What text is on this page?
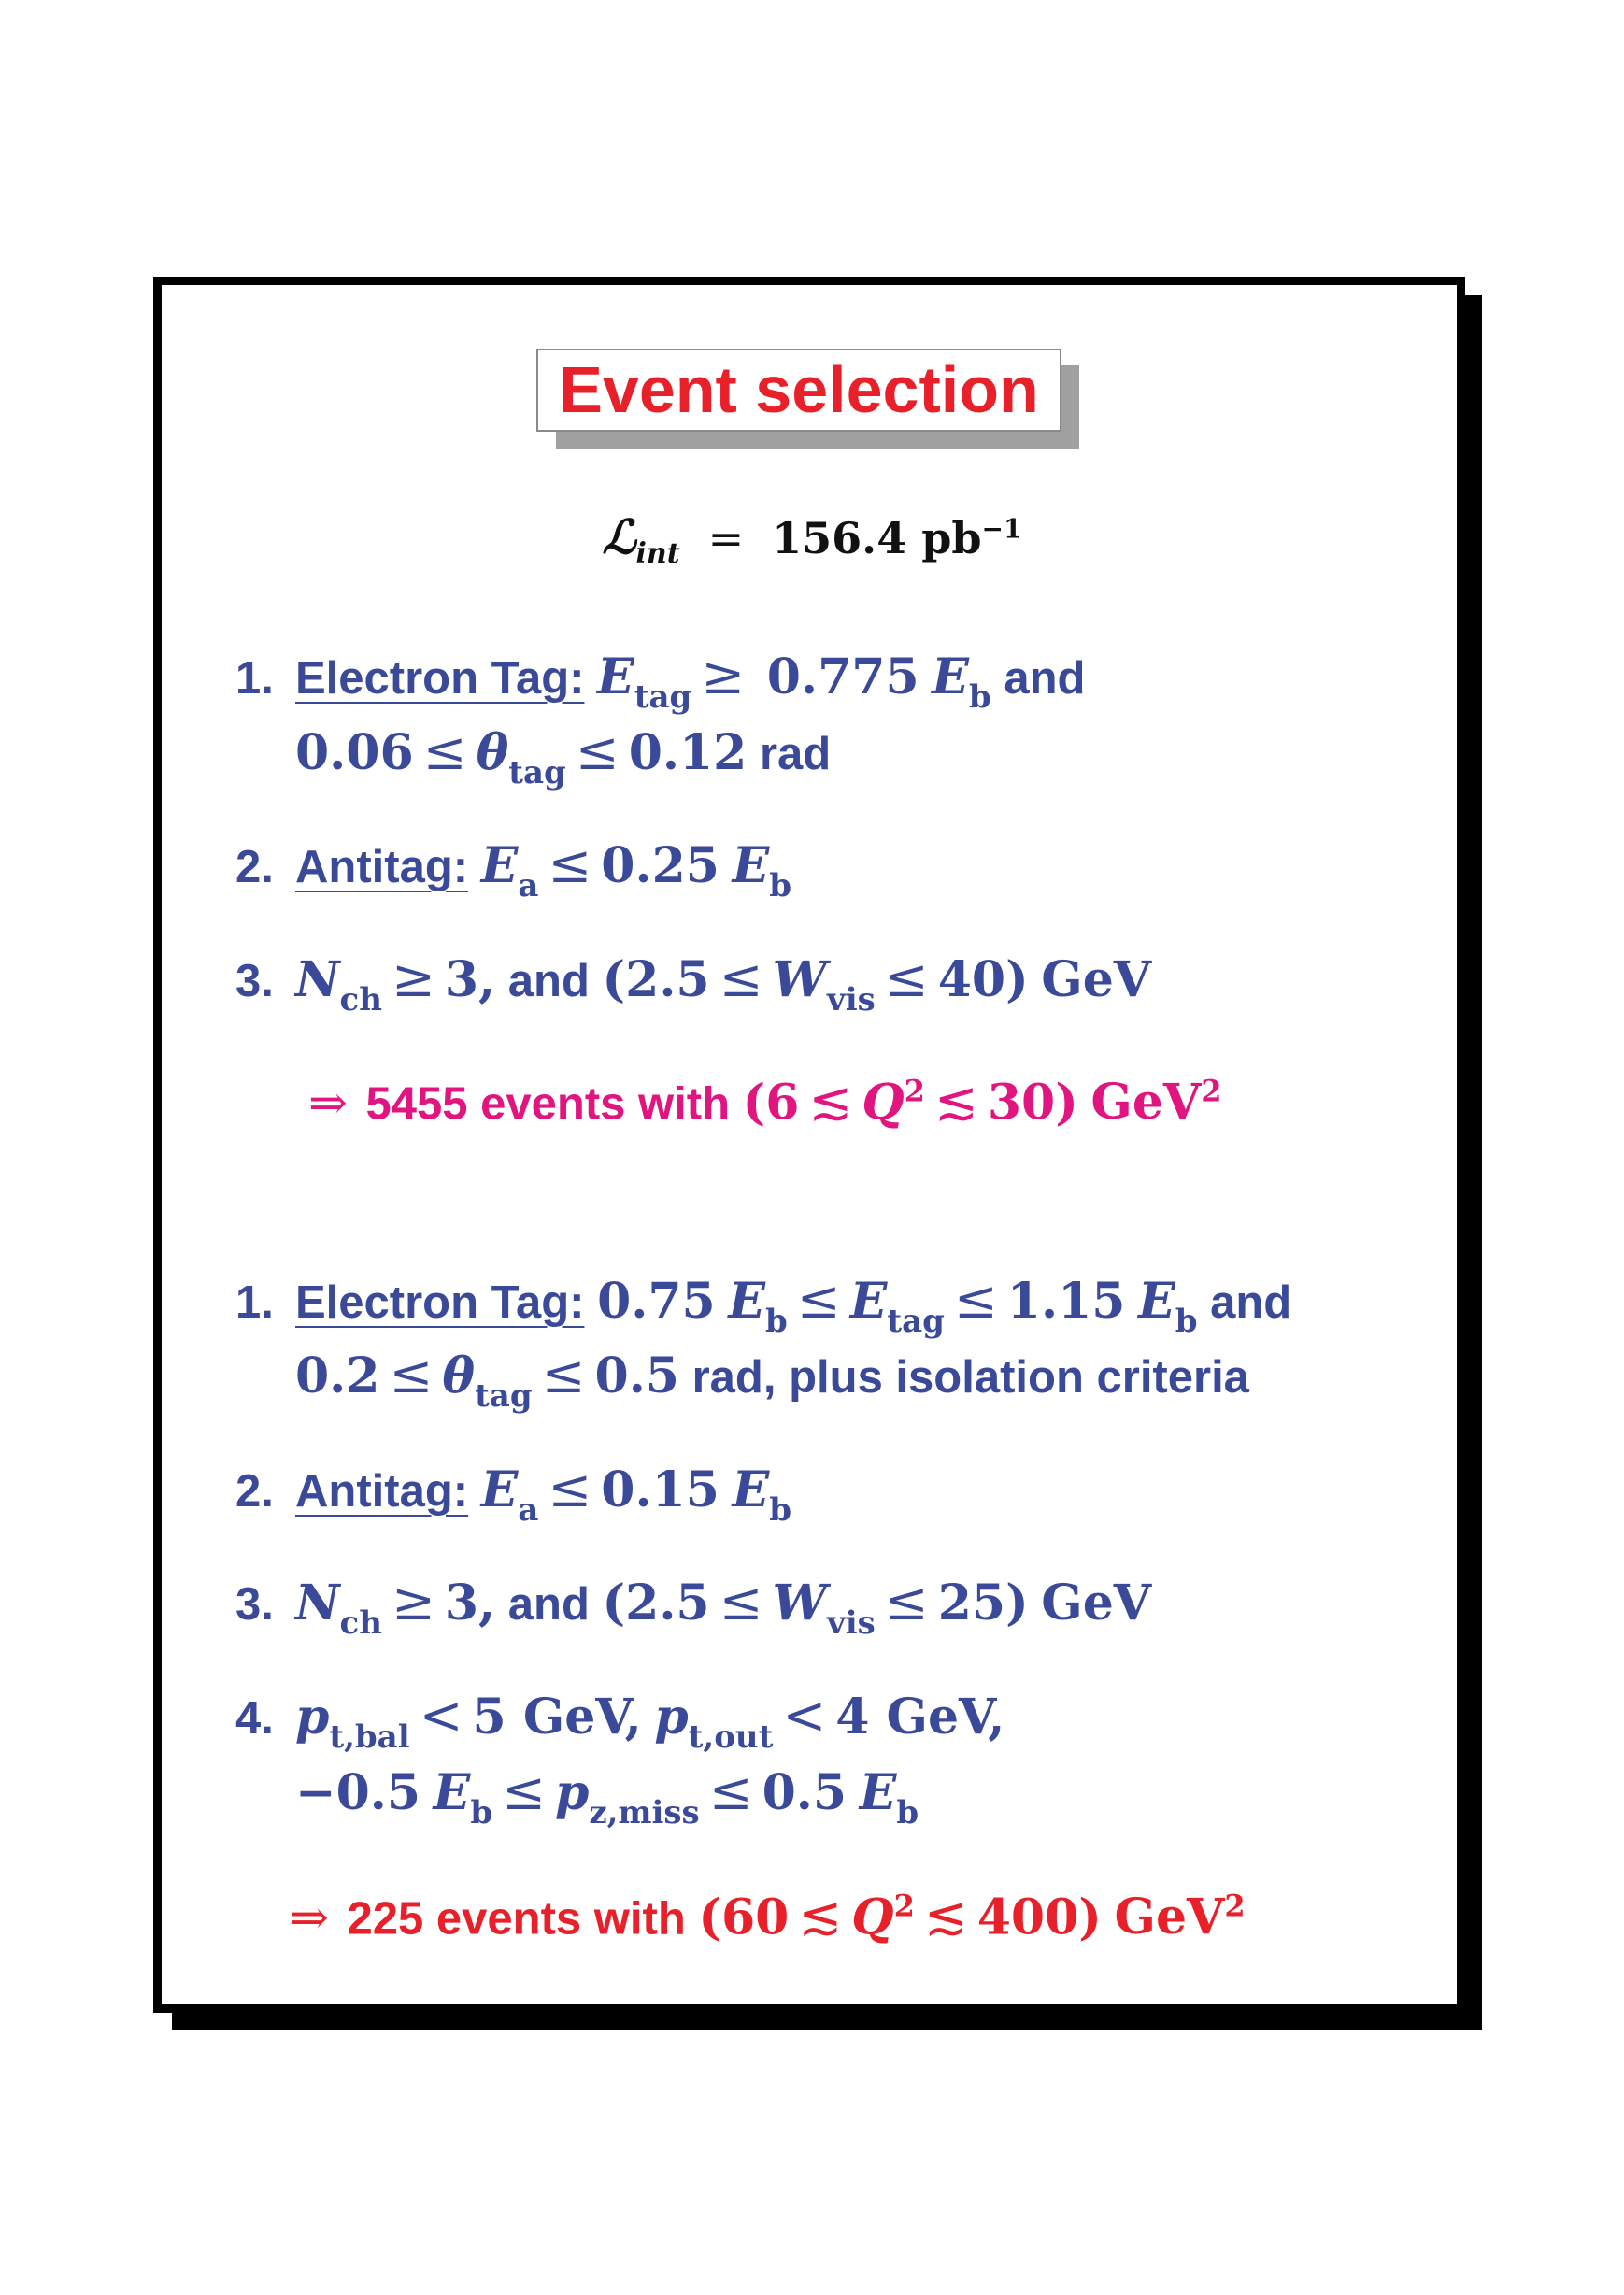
Event selection
ℒ$_{int}$ = 156.4 $pb^{-1}$
1. Electron Tag: $E_{tag} \ge 0.775$ $E_b$ and
$0.06 \le \theta_{tag} \le 0.12$ rad
2. Antitag: $E_a \le 0.25$ $E_b$
3. $N_{ch} \ge 3$, and $(2.5 \le W_{vis} \le 40)$ GeV
⇒ 5455 events with (6 ≲ $Q^2$ ≲ 30) GeV$^2$
1. Electron Tag: 0.75 $E_b \le E_{tag} \le 1.15$ $E_b$ and
$0.2 \le \theta_{tag} \le 0.5$ rad, plus isolation criteria
2. Antitag: $E_a \le 0.15$ $E_b$
3. $N_{ch} \ge 3$, and $(2.5 \le W_{vis} \le 25)$ GeV
4. $p_{t,bal} < 5$ GeV, $p_{t,out} < 4$ GeV,
−0.5 $E_b \le p_{z,miss} \le 0.5$ $E_b$
⇒ 225 events with (60 ≲ $Q^2$ ≲ 400) GeV$^2$
